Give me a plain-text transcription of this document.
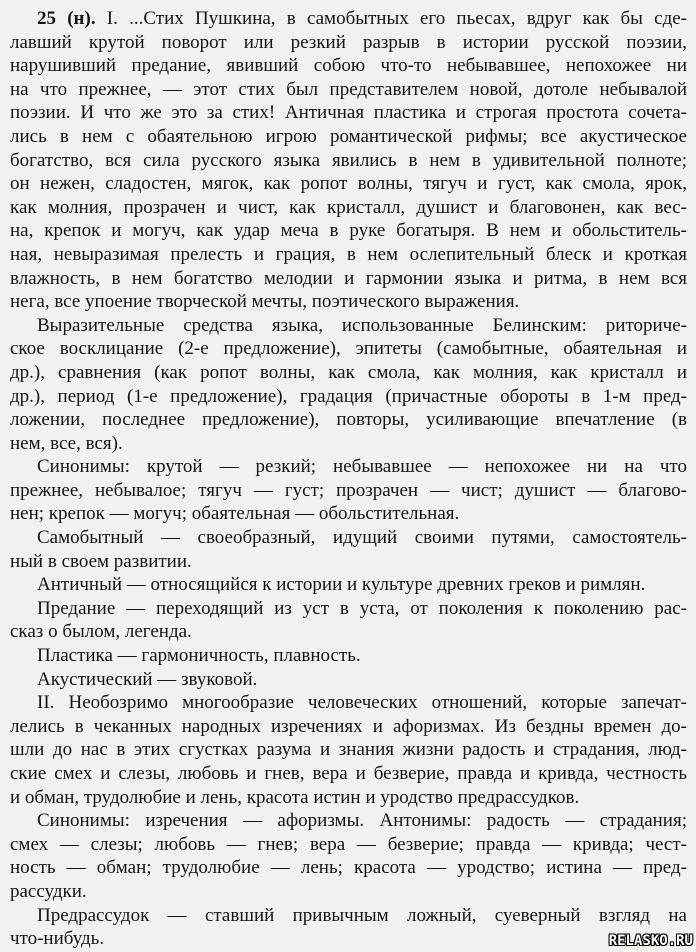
25 (н). I. ...Стих Пушкина, в самобытных его пьесах, вдруг как бы сде-
лавший крутой поворот или резкий разрыв в истории русской поэзии,
нарушивший предание, явивший собою что-то небывавшее, непохожее ни
на что прежнее, — этот стих был представителем новой, дотоле небывалой
поэзии. И что же это за стих! Античная пластика и строгая простота сочета-
лись в нем с обаятельною игрою романтической рифмы; все акустическое
богатство, вся сила русского языка явились в нем в удивительной полноте;
он нежен, сладостен, мягок, как ропот волны, тягуч и густ, как смола, ярок,
как молния, прозрачен и чист, как кристалл, душист и благовонен, как вес-
на, крепок и могуч, как удар меча в руке богатыря. В нем и обольститель-
ная, невыразимая прелесть и грация, в нем ослепительный блеск и кроткая
влажность, в нем богатство мелодии и гармонии языка и ритма, в нем вся
нега, все упоение творческой мечты, поэтического выражения.
Выразительные средства языка, использованные Белинским: риториче-
ское восклицание (2-е предложение), эпитеты (самобытные, обаятельная и
др.), сравнения (как ропот волны, как смола, как молния, как кристалл и
др.), период (1-е предложение), градация (причастные обороты в 1-м пред-
ложении, последнее предложение), повторы, усиливающие впечатление (в
нем, все, вся).
Синонимы: крутой — резкий; небывавшее — непохожее ни на что
прежнее, небывалое; тягуч — густ; прозрачен — чист; душист — благово-
нен; крепок — могуч; обаятельная — обольстительная.
Самобытный — своеобразный, идущий своими путями, самостоятель-
ный в своем развитии.
Античный — относящийся к истории и культуре древних греков и римлян.
Предание — переходящий из уст в уста, от поколения к поколению рас-
сказ о былом, легенда.
Пластика — гармоничность, плавность.
Акустический — звуковой.
II. Необозримо многообразие человеческих отношений, которые запечат-
лелись в чеканных народных изречениях и афоризмах. Из бездны времен до-
шли до нас в этих сгустках разума и знания жизни радость и страдания, люд-
ские смех и слезы, любовь и гнев, вера и безверие, правда и кривда, честность
и обман, трудолюбие и лень, красота истин и уродство предрассудков.
Синонимы: изречения — афоризмы. Антонимы: радость — страдания;
смех — слезы; любовь — гнев; вера — безверие; правда — кривда; чест-
ность — обман; трудолюбие — лень; красота — уродство; истина — пред-
рассудки.
Предрассудок — ставший привычным ложный, суеверный взгляд на
что-нибудь.	RELASKO.RU
